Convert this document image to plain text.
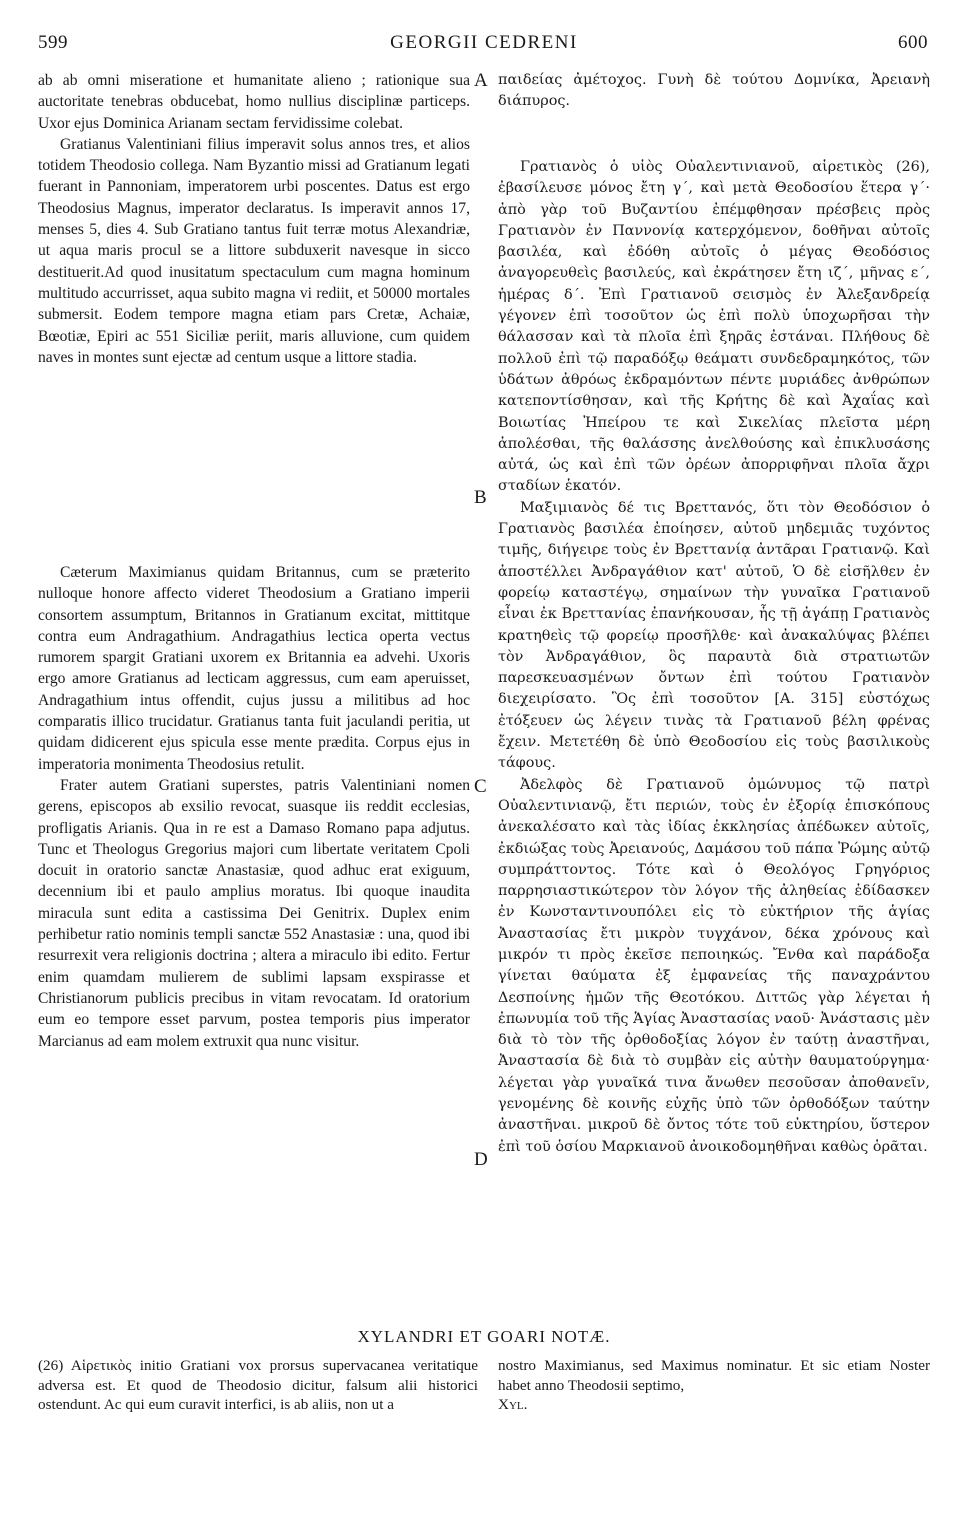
599	GEORGII CEDRENI	600
A
B
C
D

ab ab omni miseratione et humanitate alieno ; rationique sua auctoritate tenebras obducebat, homo nullius disciplinæ particeps. Uxor ejus Dominica Arianam sectam fervidissime colebat.

Gratianus Valentiniani filius imperavit solus annos tres, et alios totidem Theodosio collega. Nam Byzantio missi ad Gratianum legati fuerant in Pannoniam, imperatorem urbi poscentes. Datus est ergo Theodosius Magnus, imperator declaratus. Is imperavit annos 17, menses 5, dies 4. Sub Gratiano tantus fuit terræ motus Alexandriæ, ut aqua maris procul se a littore subduxerit navesque in sicco destituerit.Ad quod inusitatum spectaculum cum magna hominum multitudo accurrisset, aqua subito magna vi rediit, et 50000 mortales submersit. Eodem tempore magna etiam pars Cretæ, Achaiæ, Bœotiæ, Epiri ac 551 Siciliæ periit, maris alluvione, cum quidem naves in montes sunt ejectæ ad centum usque a littore stadia.

Cæterum Maximianus quidam Britannus, cum se præterito nulloque honore affecto videret Theodosium a Gratiano imperii consortem assumptum, Britannos in Gratianum excitat, mittitque contra eum Andragathium. Andragathius lectica operta vectus rumorem spargit Gratiani uxorem ex Britannia ea advehi. Uxoris ergo amore Gratianus ad lecticam aggressus, cum eam aperuisset, Andragathium intus offendit, cujus jussu a militibus ad hoc comparatis illico trucidatur. Gratianus tanta fuit jaculandi peritia, ut quidam didicerent ejus spicula esse mente prædita. Corpus ejus in imperatoria monimenta Theodosius retulit.

Frater autem Gratiani superstes, patris Valentiniani nomen gerens, episcopos ab exsilio revocat, suasque iis reddit ecclesias, profligatis Arianis. Qua in re est a Damaso Romano papa adjutus. Tunc et Theologus Gregorius majori cum libertate veritatem Cpoli docuit in oratorio sanctæ Anastasiæ, quod adhuc erat exiguum, decennium ibi et paulo amplius moratus. Ibi quoque inaudita miracula sunt edita a castissima Dei Genitrix. Duplex enim perhibetur ratio nominis templi sanctæ 552 Anastasiæ : una, quod ibi resurrexit vera religionis doctrina ; altera a miraculo ibi edito. Fertur enim quamdam mulierem de sublimi lapsam exspirasse et Christianorum publicis precibus in vitam revocatam. Id oratorium eum eo tempore esset parvum, postea temporis pius imperator Marcianus ad eam molem extruxit qua nunc visitur.

παιδείας ἀμέτοχος. Γυνὴ δὲ τούτου Δομνίκα, Ἀρειανὴ διάπυρος.

Γρατιανὸς ὁ υἱὸς Οὐαλεντινιανοῦ, αἱρετικὸς (26), ἐβασίλευσε μόνος ἔτη γ΄, καὶ μετὰ Θεοδοσίου ἕτερα γ΄· ἀπὸ γὰρ τοῦ Βυζαντίου ἐπέμφθησαν πρέσβεις πρὸς Γρατιανὸν ἐν Παννονίᾳ κατερχόμενον, δοθῆναι αὐτοῖς βασιλέα, καὶ ἐδόθη αὐτοῖς ὁ μέγας Θεοδόσιος ἀναγορευθεὶς βασιλεύς, καὶ ἐκράτησεν ἔτη ιζ΄, μῆνας ε΄, ἡμέρας δ΄. Ἐπὶ Γρατιανοῦ σεισμὸς ἐν Ἀλεξανδρείᾳ γέγονεν ἐπὶ τοσοῦτον ὡς ἐπὶ πολὺ ὑποχωρῆσαι τὴν θάλασσαν καὶ τὰ πλοῖα ἐπὶ ξηρᾶς ἐστάναι. Πλήθους δὲ πολλοῦ ἐπὶ τῷ παραδόξῳ θεάματι συνδεδραμηκότος, τῶν ὑδάτων ἀθρόως ἐκδραμόντων πέντε μυριάδες ἀνθρώπων κατεποντίσθησαν, καὶ τῆς Κρήτης δὲ καὶ Ἀχαΐας καὶ Βοιωτίας Ἠπείρου τε καὶ Σικελίας πλεῖστα μέρη ἀπολέσθαι, τῆς θαλάσσης ἀνελθούσης καὶ ἐπικλυσάσης αὐτά, ὡς καὶ ἐπὶ τῶν ὀρέων ἀπορριφῆναι πλοῖα ἄχρι σταδίων ἑκατόν.

Μαξιμιανὸς δέ τις Βρεττανός, ὅτι τὸν Θεοδόσιον ὁ Γρατιανὸς βασιλέα ἐποίησεν, αὐτοῦ μηδεμιᾶς τυχόντος τιμῆς, διήγειρε τοὺς ἐν Βρεττανίᾳ ἀντᾶραι Γρατιανῷ. Καὶ ἀποστέλλει Ἀνδραγάθιον κατ' αὐτοῦ, Ὁ δὲ εἰσῆλθεν ἐν φορείῳ καταστέγῳ, σημαίνων τὴν γυναῖκα Γρατιανοῦ εἶναι ἐκ Βρεττανίας ἐπανήκουσαν, ἧς τῇ ἀγάπῃ Γρατιανὸς κρατηθεὶς τῷ φορείῳ προσῆλθε· καὶ ἀνακαλύψας βλέπει τὸν Ἀνδραγάθιον, ὃς παραυτὰ διὰ στρατιωτῶν παρεσκευασμένων ὄντων ἐπὶ τούτου Γρατιανὸν διεχειρίσατο. Ὃς ἐπὶ τοσοῦτον [A. 315] εὐστόχως ἐτόξευεν ὡς λέγειν τινὰς τὰ Γρατιανοῦ βέλη φρένας ἔχειν. Μετετέθη δὲ ὑπὸ Θεοδοσίου εἰς τοὺς βασιλικοὺς τάφους.

Ἀδελφὸς δὲ Γρατιανοῦ ὁμώνυμος τῷ πατρὶ Οὐαλεντινιανῷ, ἔτι περιών, τοὺς ἐν ἐξορίᾳ ἐπισκόπους ἀνεκαλέσατο καὶ τὰς ἰδίας ἐκκλησίας ἀπέδωκεν αὐτοῖς, ἐκδιώξας τοὺς Ἀρειανούς, Δαμάσου τοῦ πάπα Ῥώμης αὐτῷ συμπράττοντος. Τότε καὶ ὁ Θεολόγος Γρηγόριος παρρησιαστικώτερον τὸν λόγον τῆς ἀληθείας ἐδίδασκεν ἐν Κωνσταντινουπόλει εἰς τὸ εὐκτήριον τῆς ἁγίας Ἀναστασίας ἔτι μικρὸν τυγχάνον, δέκα χρόνους καὶ μικρόν τι πρὸς ἐκεῖσε πεποιηκώς. Ἔνθα καὶ παράδοξα γίνεται θαύματα ἐξ ἐμφανείας τῆς παναχράντου Δεσποίνης ἡμῶν τῆς Θεοτόκου. Διττῶς γὰρ λέγεται ἡ ἐπωνυμία τοῦ τῆς Ἁγίας Ἀναστασίας ναοῦ· Ἀνάστασις μὲν διὰ τὸ τὸν τῆς ὀρθοδοξίας λόγον ἐν ταύτῃ ἀναστῆναι, Ἀναστασία δὲ διὰ τὸ συμβὰν εἰς αὐτὴν θαυματούργημα· λέγεται γὰρ γυναῖκά τινα ἄνωθεν πεσοῦσαν ἀποθανεῖν, γενομένης δὲ κοινῆς εὐχῆς ὑπὸ τῶν ὀρθοδόξων ταύτην ἀναστῆναι. μικροῦ δὲ ὄντος τότε τοῦ εὐκτηρίου, ὕστερον ἐπὶ τοῦ ὁσίου Μαρκιανοῦ ἀνοικοδομηθῆναι καθὼς ὁρᾶται.

XYLANDRI ET GOARI NOTÆ.

(26) Αἱρετικὸς initio Gratiani vox prorsus supervacanea veritatique adversa est. Et quod de Theodosio dicitur, falsum alii historici ostendunt. Ac qui eum curavit interfici, is ab aliis, non ut a

nostro Maximianus, sed Maximus nominatur. Et sic etiam Noster habet anno Theodosii septimo,
Xyl.
